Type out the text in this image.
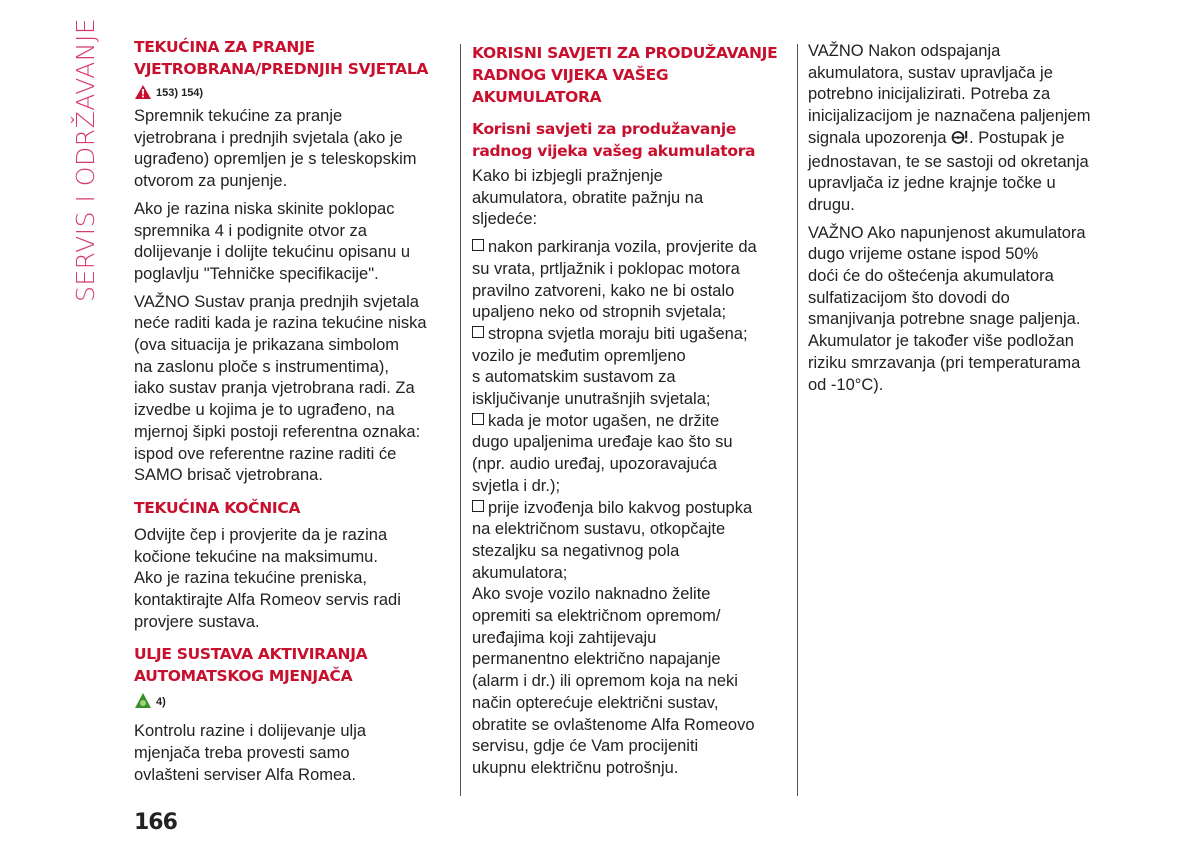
SERVIS I ODRŽAVANJE	TEKUĆINA ZA PRANJE
VJETROBRANA/PREDNJIH SVJETALA
153) 154)

Spremnik tekućine za pranje

vjetrobrana i prednjih svjetala (ako je

ugrađeno) opremljen je s teleskopskim

otvorom za punjenje.

Ako je razina niska skinite poklopac

spremnika 4 i podignite otvor za

dolijevanje i dolijte tekućinu opisanu u

poglavlju "Tehničke specifikacije".

VAŽNO Sustav pranja prednjih svjetala

neće raditi kada je razina tekućine niska

(ova situacija je prikazana simbolom

na zaslonu ploče s instrumentima),

iako sustav pranja vjetrobrana radi. Za

izvedbe u kojima je to ugrađeno, na

mjernoj šipki postoji referentna oznaka:

ispod ove referentne razine raditi će

SAMO brisač vjetrobrana.

TEKUĆINA KOČNICA

Odvijte čep i provjerite da je razina

kočione tekućine na maksimumu.

Ako je razina tekućine preniska,

kontaktirajte Alfa Romeov servis radi

provjere sustava.

ULJE SUSTAVA AKTIVIRANJA
AUTOMATSKOG MJENJAČA
4)

Kontrolu razine i dolijevanje ulja

mjenjača treba provesti samo

ovlašteni serviser Alfa Romea.

KORISNI SAVJETI ZA PRODUŽAVANJE
RADNOG VIJEKA VAŠEG
AKUMULATORA
Korisni savjeti za produžavanje
radnog vijeka vašeg akumulatora

Kako bi izbjegli pražnjenje

akumulatora, obratite pažnju na

sljedeće:

nakon parkiranja vozila, provjerite da

su vrata, prtljažnik i poklopac motora

pravilno zatvoreni, kako ne bi ostalo

upaljeno neko od stropnih svjetala;

stropna svjetla moraju biti ugašena;

vozilo je međutim opremljeno

s automatskim sustavom za

isključivanje unutrašnjih svjetala;

kada je motor ugašen, ne držite

dugo upaljenima uređaje kao što su

(npr. audio uređaj, upozoravajuća

svjetla i dr.);

prije izvođenja bilo kakvog postupka

na električnom sustavu, otkopčajte

stezaljku sa negativnog pola

akumulatora;

Ako svoje vozilo naknadno želite

opremiti sa električnom opremom/

uređajima koji zahtijevaju

permanentno električno napajanje

(alarm i dr.) ili opremom koja na neki

način opterećuje električni sustav,

obratite se ovlaštenome Alfa Romeovo

servisu, gdje će Vam procijeniti

ukupnu električnu potrošnju.

VAŽNO Nakon odspajanja

akumulatora, sustav upravljača je

potrebno inicijalizirati. Potreba za

inicijalizacijom je naznačena paljenjem

signala upozorenja . Postupak je

jednostavan, te se sastoji od okretanja

upravljača iz jedne krajnje točke u

drugu.

VAŽNO Ako napunjenost akumulatora

dugo vrijeme ostane ispod 50%

doći će do oštećenja akumulatora

sulfatizacijom što dovodi do

smanjivanja potrebne snage paljenja.

Akumulator je također više podložan

riziku smrzavanja (pri temperaturama

od -10°C).

166
